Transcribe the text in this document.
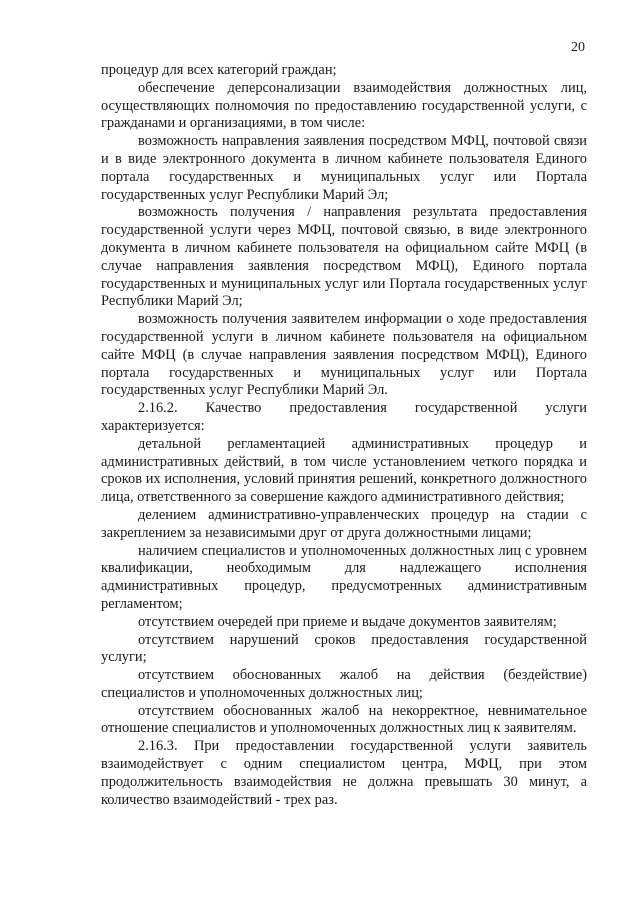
20

процедур для всех категорий граждан;

обеспечение деперсонализации взаимодействия должностных лиц, осуществляющих полномочия по предоставлению государственной услуги, с гражданами и организациями, в том числе:

возможность направления заявления посредством МФЦ, почтовой связи и в виде электронного документа в личном кабинете пользователя Единого портала государственных и муниципальных услуг или Портала государственных услуг Республики Марий Эл;

возможность получения / направления результата предоставления государственной услуги через МФЦ, почтовой связью, в виде электронного документа в личном кабинете пользователя на официальном сайте МФЦ (в случае направления заявления посредством МФЦ), Единого портала государственных и муниципальных услуг или Портала государственных услуг Республики Марий Эл;

возможность получения заявителем информации о ходе предоставления государственной услуги в личном кабинете пользователя на официальном сайте МФЦ (в случае направления заявления посредством МФЦ), Единого портала государственных и муниципальных услуг или Портала государственных услуг Республики Марий Эл.

2.16.2. Качество предоставления государственной услуги характеризуется:

детальной регламентацией административных процедур и административных действий, в том числе установлением четкого порядка и сроков их исполнения, условий принятия решений, конкретного должностного лица, ответственного за совершение каждого административного действия;

делением административно-управленческих процедур на стадии с закреплением за независимыми друг от друга должностными лицами;

наличием специалистов и уполномоченных должностных лиц с уровнем квалификации, необходимым для надлежащего исполнения административных процедур, предусмотренных административным регламентом;

отсутствием очередей при приеме и выдаче документов заявителям;

отсутствием нарушений сроков предоставления государственной услуги;

отсутствием обоснованных жалоб на действия (бездействие) специалистов и уполномоченных должностных лиц;

отсутствием обоснованных жалоб на некорректное, невнимательное отношение специалистов и уполномоченных должностных лиц к заявителям.

2.16.3. При предоставлении государственной услуги заявитель взаимодействует с одним специалистом центра, МФЦ, при этом продолжительность взаимодействия не должна превышать 30 минут, а количество взаимодействий - трех раз.
